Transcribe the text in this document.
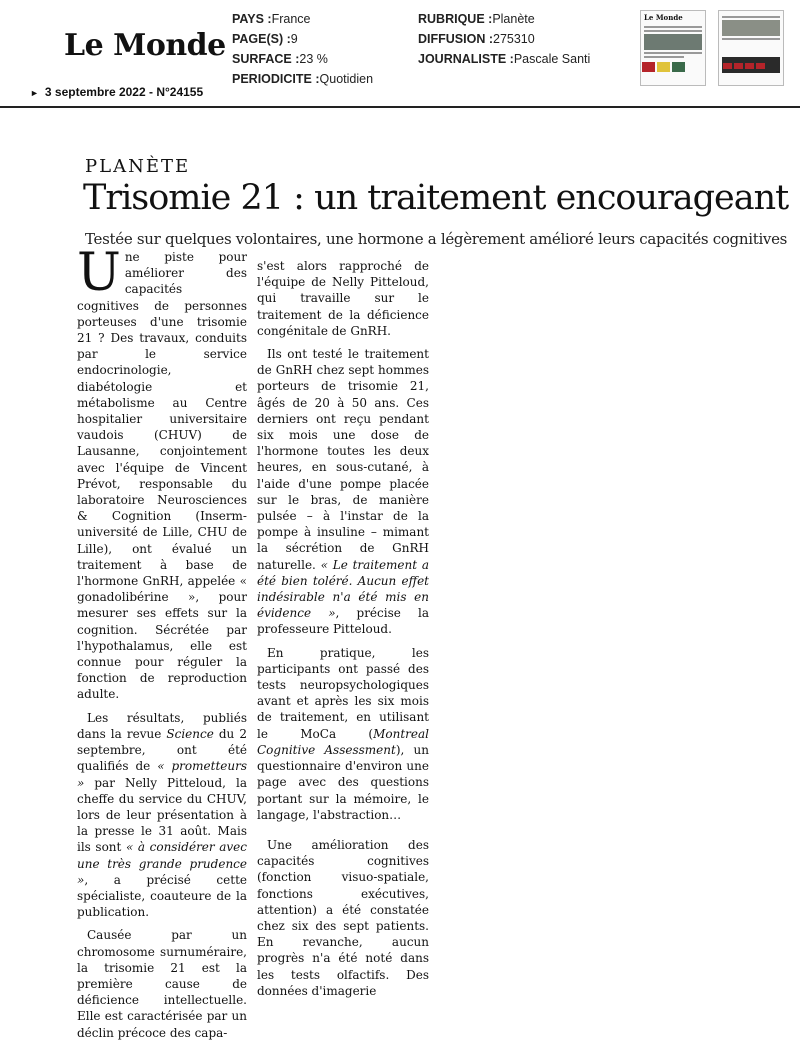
Le Monde
PAYS :France
PAGE(S) :9
SURFACE :23 %
PERIODICITE :Quotidien
RUBRIQUE :Planète
DIFFUSION :275310
JOURNALISTE :Pascale Santi
Le Monde
► 3 septembre 2022 - N°24155
PLANÈTE
Trisomie 21 : un traitement encourageant
Testée sur quelques volontaires, une hormone a légèrement amélioré leurs capacités cognitives

Une piste pour améliorer des capacités cognitives de personnes porteuses d'une trisomie 21 ? Des travaux, conduits par le service endocrinologie, diabétologie et métabolisme au Centre hospitalier universitaire vaudois (CHUV) de Lausanne, conjointement avec l'équipe de Vincent Prévot, responsable du laboratoire Neurosciences & Cognition (Inserm-université de Lille, CHU de Lille), ont évalué un traitement à base de l'hormone GnRH, appelée « gonadolibérine », pour mesurer ses effets sur la cognition. Sécrétée par l'hypothalamus, elle est connue pour réguler la fonction de reproduction adulte.

Les résultats, publiés dans la revue Science du 2 septembre, ont été qualifiés de « prometteurs » par Nelly Pitteloud, la cheffe du service du CHUV, lors de leur présentation à la presse le 31 août. Mais ils sont « à considérer avec une très grande prudence », a précisé cette spécialiste, coauteure de la publication.

Causée par un chromosome surnuméraire, la trisomie 21 est la première cause de déficience intellectuelle. Elle est caractérisée par un déclin précoce des capa-

s'est alors rapproché de l'équipe de Nelly Pitteloud, qui travaille sur le traitement de la déficience congénitale de GnRH.

Ils ont testé le traitement de GnRH chez sept hommes porteurs de trisomie 21, âgés de 20 à 50 ans. Ces derniers ont reçu pendant six mois une dose de l'hormone toutes les deux heures, en sous-cutané, à l'aide d'une pompe placée sur le bras, de manière pulsée – à l'instar de la pompe à insuline – mimant la sécrétion de GnRH naturelle. « Le traitement a été bien toléré. Aucun effet indésirable n'a été mis en évidence », précise la professeure Pitteloud.

En pratique, les participants ont passé des tests neuropsychologiques avant et après les six mois de traitement, en utilisant le MoCa (Montreal Cognitive Assessment), un questionnaire d'environ une page avec des questions portant sur la mémoire, le langage, l'abstraction…

Une amélioration des capacités cognitives (fonction visuo-spatiale, fonctions exécutives, attention) a été constatée chez six des sept patients. En revanche, aucun progrès n'a été noté dans les tests olfactifs. Des données d'imagerie
